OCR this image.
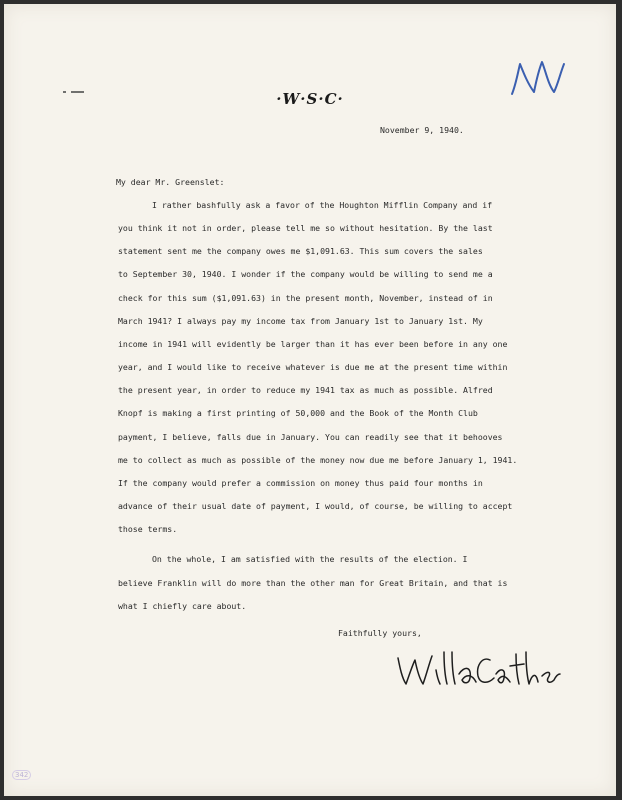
·W·S·C·

November 9, 1940.

My dear Mr. Greenslet:

I rather bashfully ask a favor of the Houghton Mifflin Company and if

you think it not in order, please tell me so without hesitation. By the last

statement sent me the company owes me $1,091.63. This sum covers the sales

to September 30, 1940. I wonder if the company would be willing to send me a

check for this sum ($1,091.63) in the present month, November, instead of in

March 1941? I always pay my income tax from January 1st to January 1st. My

income in 1941 will evidently be larger than it has ever been before in any one

year, and I would like to receive whatever is due me at the present time within

the present year, in order to reduce my 1941 tax as much as possible. Alfred

Knopf is making a first printing of 50,000 and the Book of the Month Club

payment, I believe, falls due in January. You can readily see that it behooves

me to collect as much as possible of the money now due me before January 1, 1941.

If the company would prefer a commission on money thus paid four months in

advance of their usual date of payment, I would, of course, be willing to accept

those terms.

On the whole, I am satisfied with the results of the election. I

believe Franklin will do more than the other man for Great Britain, and that is

what I chiefly care about.

Faithfully yours,

342
